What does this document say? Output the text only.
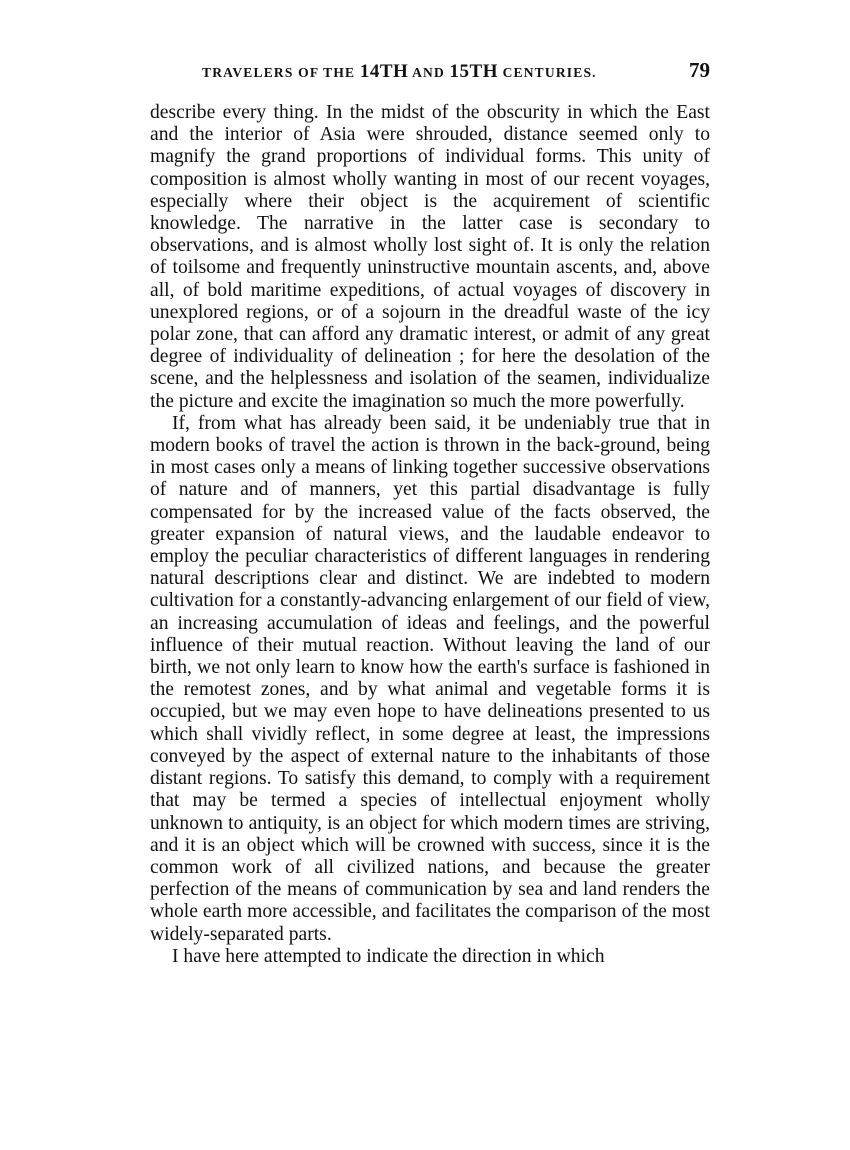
TRAVELERS OF THE 14TH AND 15TH CENTURIES.	79

describe every thing. In the midst of the obscurity in which the East and the interior of Asia were shrouded, distance seemed only to magnify the grand proportions of individual forms. This unity of composition is almost wholly wanting in most of our recent voyages, especially where their object is the acquirement of scientific knowledge. The narrative in the latter case is secondary to observations, and is almost wholly lost sight of. It is only the relation of toilsome and frequently uninstructive mountain ascents, and, above all, of bold maritime expeditions, of actual voyages of discovery in unexplored regions, or of a sojourn in the dreadful waste of the icy polar zone, that can afford any dramatic interest, or admit of any great degree of individuality of delineation ; for here the desolation of the scene, and the helplessness and isolation of the seamen, individualize the picture and excite the imagination so much the more powerfully.

If, from what has already been said, it be undeniably true that in modern books of travel the action is thrown in the back-ground, being in most cases only a means of linking together successive observations of nature and of manners, yet this partial disadvantage is fully compensated for by the increased value of the facts observed, the greater expansion of natural views, and the laudable endeavor to employ the peculiar characteristics of different languages in rendering natural descriptions clear and distinct. We are indebted to modern cultivation for a constantly-advancing enlargement of our field of view, an increasing accumulation of ideas and feelings, and the powerful influence of their mutual reaction. Without leaving the land of our birth, we not only learn to know how the earth's surface is fashioned in the remotest zones, and by what animal and vegetable forms it is occupied, but we may even hope to have delineations presented to us which shall vividly reflect, in some degree at least, the impressions conveyed by the aspect of external nature to the inhabitants of those distant regions. To satisfy this demand, to comply with a requirement that may be termed a species of intellectual enjoyment wholly unknown to antiquity, is an object for which modern times are striving, and it is an object which will be crowned with success, since it is the common work of all civilized nations, and because the greater perfection of the means of communication by sea and land renders the whole earth more accessible, and facilitates the comparison of the most widely-separated parts.

I have here attempted to indicate the direction in which
